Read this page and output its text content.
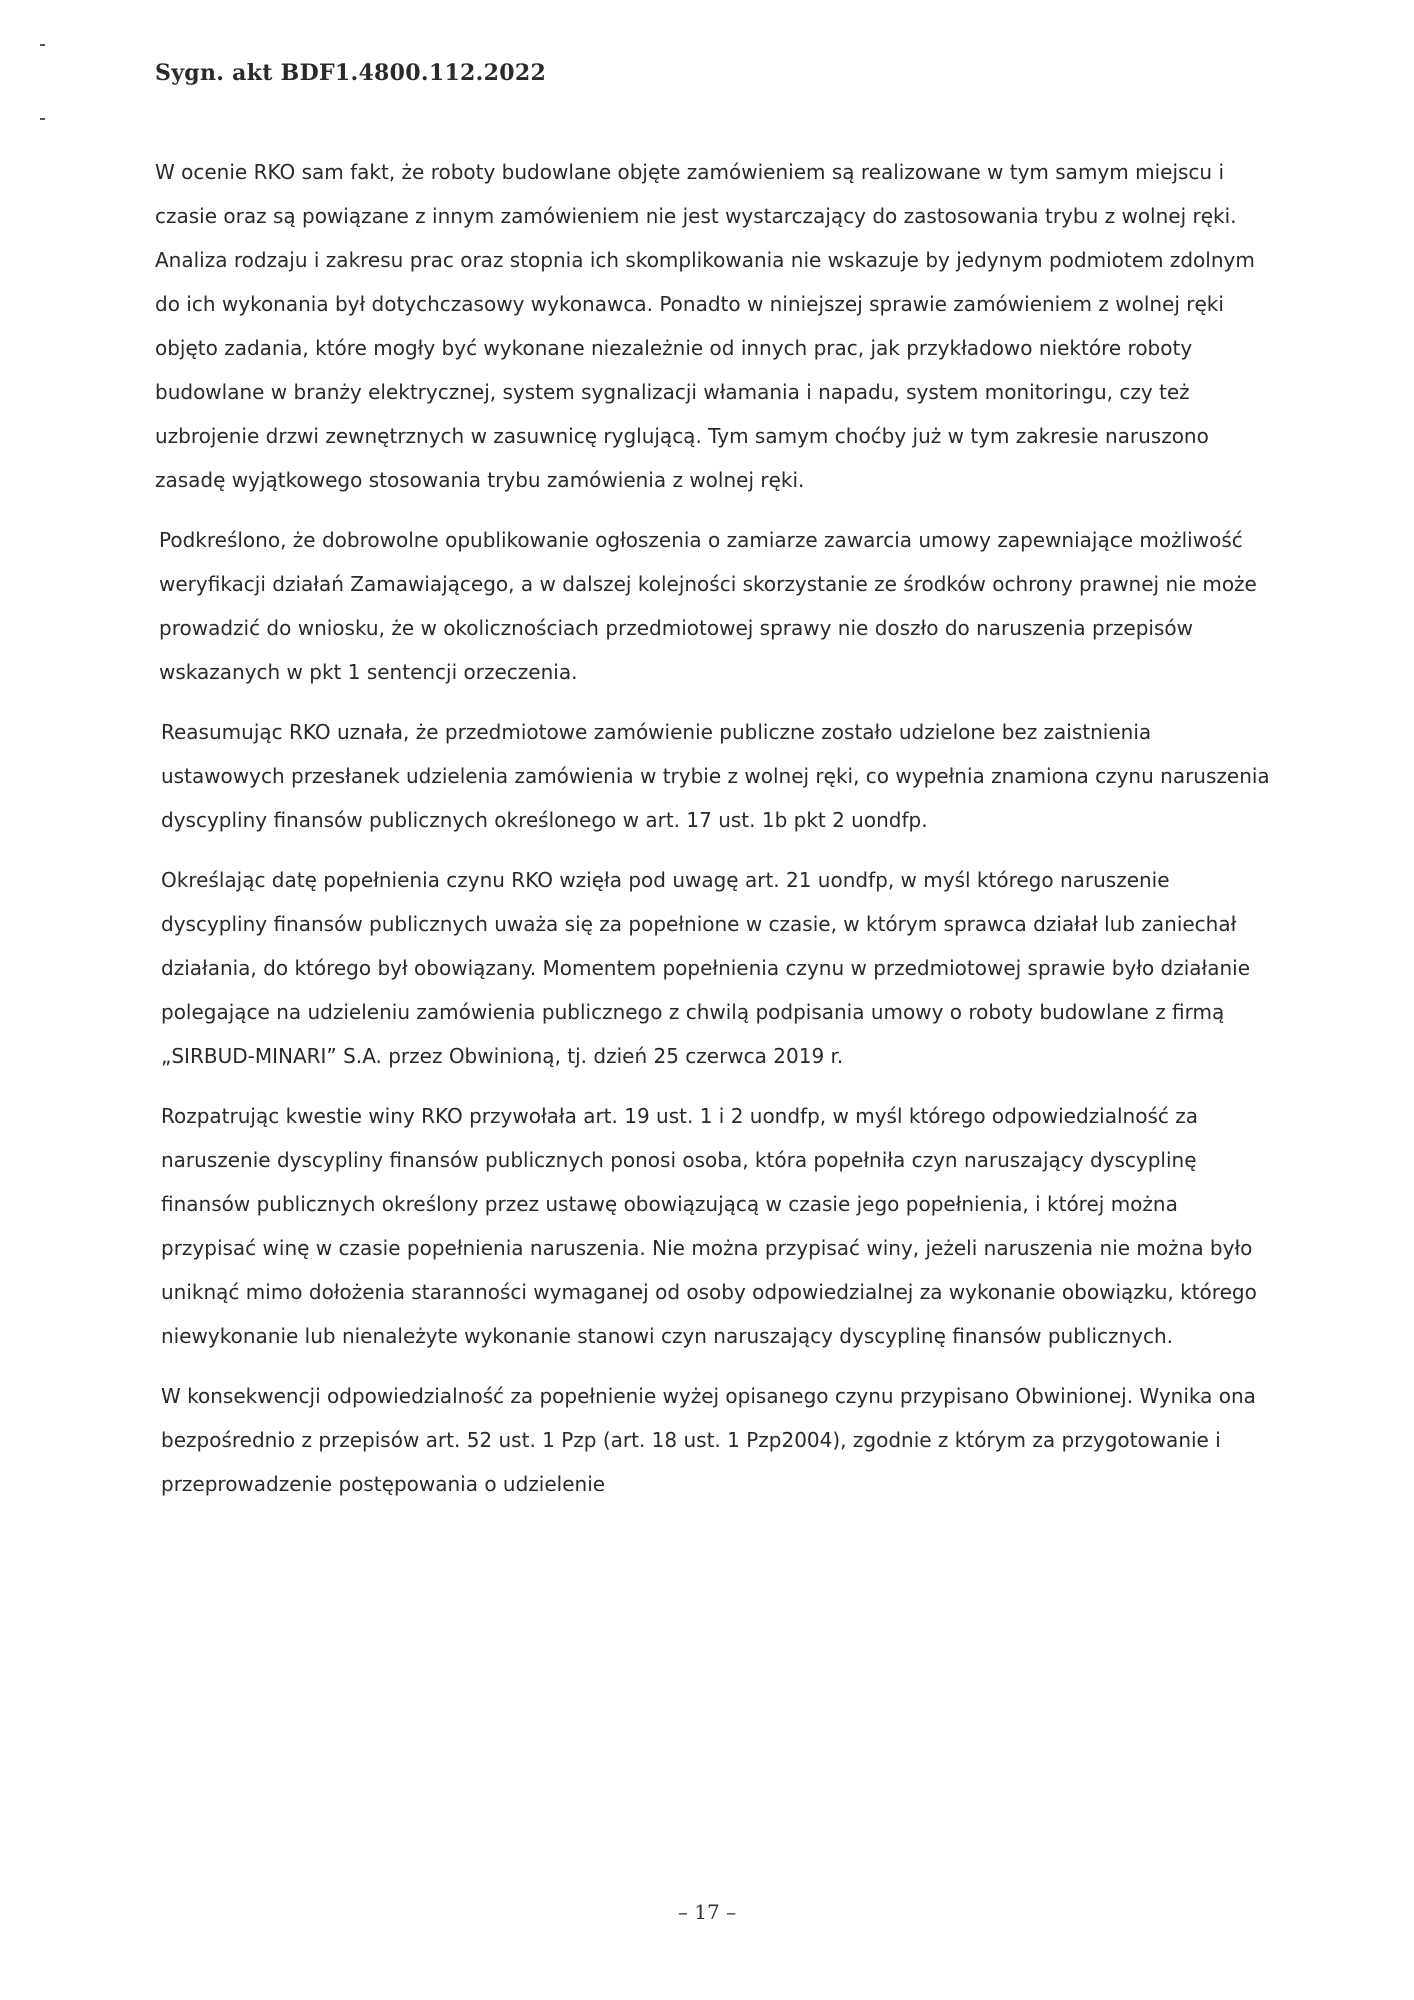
Sygn. akt BDF1.4800.112.2022

W ocenie RKO sam fakt, że roboty budowlane objęte zamówieniem są realizowane w tym samym miejscu i czasie oraz są powiązane z innym zamówieniem nie jest wystarczający do zastosowania trybu z wolnej ręki. Analiza rodzaju i zakresu prac oraz stopnia ich skomplikowania nie wskazuje by jedynym podmiotem zdolnym do ich wykonania był dotychczasowy wykonawca. Ponadto w niniejszej sprawie zamówieniem z wolnej ręki objęto zadania, które mogły być wykonane niezależnie od innych prac, jak przykładowo niektóre roboty budowlane w branży elektrycznej, system sygnalizacji włamania i napadu, system monitoringu, czy też uzbrojenie drzwi zewnętrznych w zasuwnicę ryglującą. Tym samym choćby już w tym zakresie naruszono zasadę wyjątkowego stosowania trybu zamówienia z wolnej ręki.

Podkreślono, że dobrowolne opublikowanie ogłoszenia o zamiarze zawarcia umowy zapewniające możliwość weryfikacji działań Zamawiającego, a w dalszej kolejności skorzystanie ze środków ochrony prawnej nie może prowadzić do wniosku, że w okolicznościach przedmiotowej sprawy nie doszło do naruszenia przepisów wskazanych w pkt 1 sentencji orzeczenia.

Reasumując RKO uznała, że przedmiotowe zamówienie publiczne zostało udzielone bez zaistnienia ustawowych przesłanek udzielenia zamówienia w trybie z wolnej ręki, co wypełnia znamiona czynu naruszenia dyscypliny finansów publicznych określonego w art. 17 ust. 1b pkt 2 uondfp.

Określając datę popełnienia czynu RKO wzięła pod uwagę art. 21 uondfp, w myśl którego naruszenie dyscypliny finansów publicznych uważa się za popełnione w czasie, w którym sprawca działał lub zaniechał działania, do którego był obowiązany. Momentem popełnienia czynu w przedmiotowej sprawie było działanie polegające na udzieleniu zamówienia publicznego z chwilą podpisania umowy o roboty budowlane z firmą „SIRBUD-MINARI” S.A. przez Obwinioną, tj. dzień 25 czerwca 2019 r.

Rozpatrując kwestie winy RKO przywołała art. 19 ust. 1 i 2 uondfp, w myśl którego odpowiedzialność za naruszenie dyscypliny finansów publicznych ponosi osoba, która popełniła czyn naruszający dyscyplinę finansów publicznych określony przez ustawę obowiązującą w czasie jego popełnienia, i której można przypisać winę w czasie popełnienia naruszenia. Nie można przypisać winy, jeżeli naruszenia nie można było uniknąć mimo dołożenia staranności wymaganej od osoby odpowiedzialnej za wykonanie obowiązku, którego niewykonanie lub nienależyte wykonanie stanowi czyn naruszający dyscyplinę finansów publicznych.

W konsekwencji odpowiedzialność za popełnienie wyżej opisanego czynu przypisano Obwinionej. Wynika ona bezpośrednio z przepisów art. 52 ust. 1 Pzp (art. 18 ust. 1 Pzp2004), zgodnie z którym za przygotowanie i przeprowadzenie postępowania o udzielenie

– 17 –
